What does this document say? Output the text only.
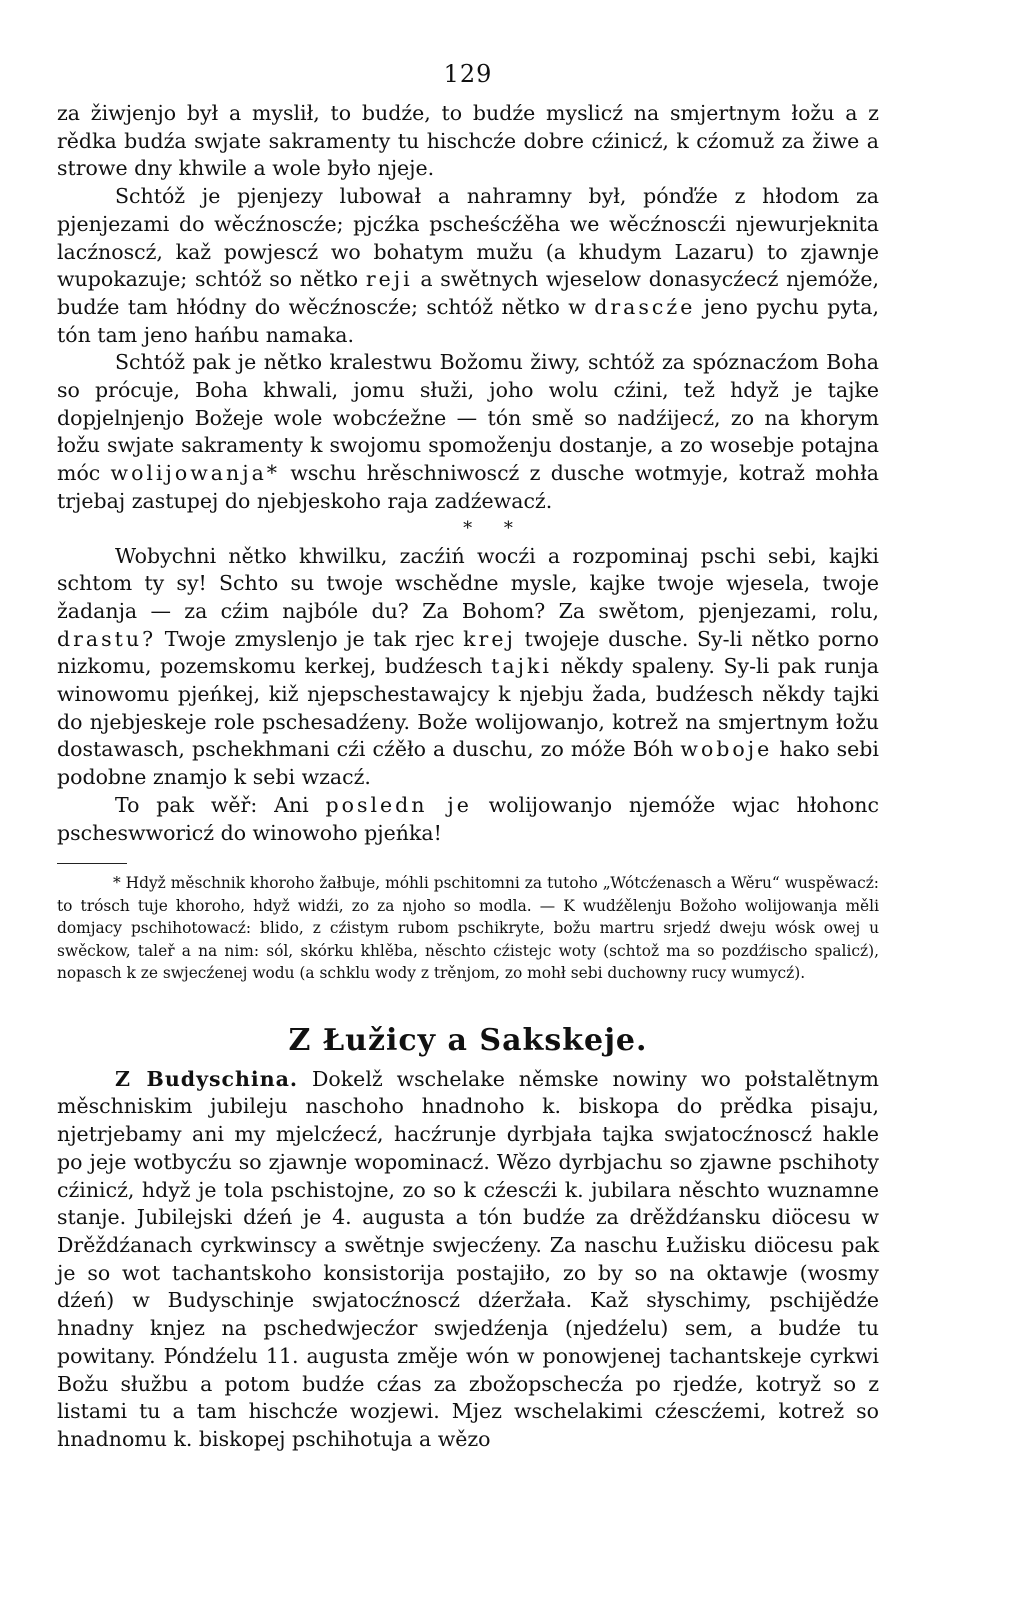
129

za žiwjenjo był a myslił, to budźe, to budźe myslicź na smjertnym łožu a z rědka budźa swjate sakramenty tu hischcźe dobre cźinicź, k cźomuž za žiwe a strowe dny khwile a wole było njeje.

Schtóž je pjenjezy lubował a nahramny był, pónďźe z hłodom za pjenjezami do wěcźnoscźe; pjcźka pscheścźěha we wěcźnoscźi njewurjeknita lacźnoscź, kaž powjescź wo bohatym mužu (a khudym Lazaru) to zjawnje wupokazuje; schtóž so nětko reji a swětnych wjeselow donasycźecź njemóže, budźe tam hłódny do wěcźnoscźe; schtóž nětko w drascźe jeno pychu pyta, tón tam jeno hańbu namaka.

Schtóž pak je nětko kralestwu Božomu žiwy, schtóž za spóznacźom Boha so prócuje, Boha khwali, jomu słuži, joho wolu cźini, tež hdyž je tajke dopjelnjenjo Božeje wole wobcźežne — tón smě so nadźijecź, zo na khorym łožu swjate sakramenty k swojomu spomoženju dostanje, a zo wosebje potajna móc wolijowanja* wschu hrěschniwoscź z dusche wotmyje, kotraž mohła trjebaj zastupej do njebjeskoho raja zadźewacź.

* *

Wobychni nětko khwilku, zacźiń wocźi a rozpominaj pschi sebi, kajki schtom ty sy! Schto su twoje wschědne mysle, kajke twoje wjesela, twoje žadanja — za cźim najbóle du? Za Bohom? Za swětom, pjenjezami, rolu, drastu? Twoje zmyslenjo je tak rjec krej twojeje dusche. Sy-li nětko porno nizkomu, pozemskomu kerkej, budźesch tajki někdy spaleny. Sy-li pak runja winowomu pjeńkej, kiž njepschestawajcy k njebju žada, budźesch někdy tajki do njebjeskeje role pschesadźeny. Bože wolijowanjo, kotrež na smjertnym łožu dostawasch, pschekhmani cźi cźěło a duschu, zo móže Bóh woboje hako sebi podobne znamjo k sebi wzacź.

To pak wěř: Ani posledn je wolijowanjo njemóže wjac hłohonc pscheswworicź do winowoho pjeńka!

* Hdyž měschnik khoroho žałbuje, móhli pschitomni za tutoho „Wótcźenasch a Wěru“ wuspěwacź: to trósch tuje khoroho, hdyž widźi, zo za njoho so modla. — K wudźělenju Božoho wolijowanja měli domjacy pschihotowacź: blido, z cźistym rubom pschikryte, božu martru srjedź dweju wósk owej u swěckow, taleř a na nim: sól, skórku khlěba, něschto cźistejc woty (schtož ma so pozdźischo spalicź), nopasch k ze swjecźenej wodu (a schklu wody z trěnjom, zo mohł sebi duchowny rucy wumycź).

Z Łužicy a Sakskeje.

Z Budyschina. Dokelž wschelake němske nowiny wo połstalětnym měschniskim jubileju naschoho hnadnoho k. biskopa do prědka pisaju, njetrjebamy ani my mjelcźecź, hacźrunje dyrbjała tajka swjatocźnoscź hakle po jeje wotbycźu so zjawnje wopominacź. Wězo dyrbjachu so zjawne pschihoty cźinicź, hdyž je tola pschistojne, zo so k cźescźi k. jubilara něschto wuznamne stanje. Jubilejski dźeń je 4. augusta a tón budźe za drěždźansku diöcesu w Drěždźanach cyrkwinscy a swětnje swjecźeny. Za naschu Łužisku diöcesu pak je so wot tachantskoho konsistorija postajiło, zo by so na oktawje (wosmy dźeń) w Budyschinje swjatocźnoscź dźeržała. Kaž słyschimy, pschijědźe hnadny knjez na pschedwjecźor swjedźenja (njedźelu) sem, a budźe tu powitany. Póndźelu 11. augusta změje wón w ponowjenej tachantskeje cyrkwi Božu słužbu a potom budźe cźas za zbožopschecźa po rjedźe, kotryž so z listami tu a tam hischcźe wozjewi. Mjez wschelakimi cźescźemi, kotrež so hnadnomu k. biskopej pschihotuja a wězo
